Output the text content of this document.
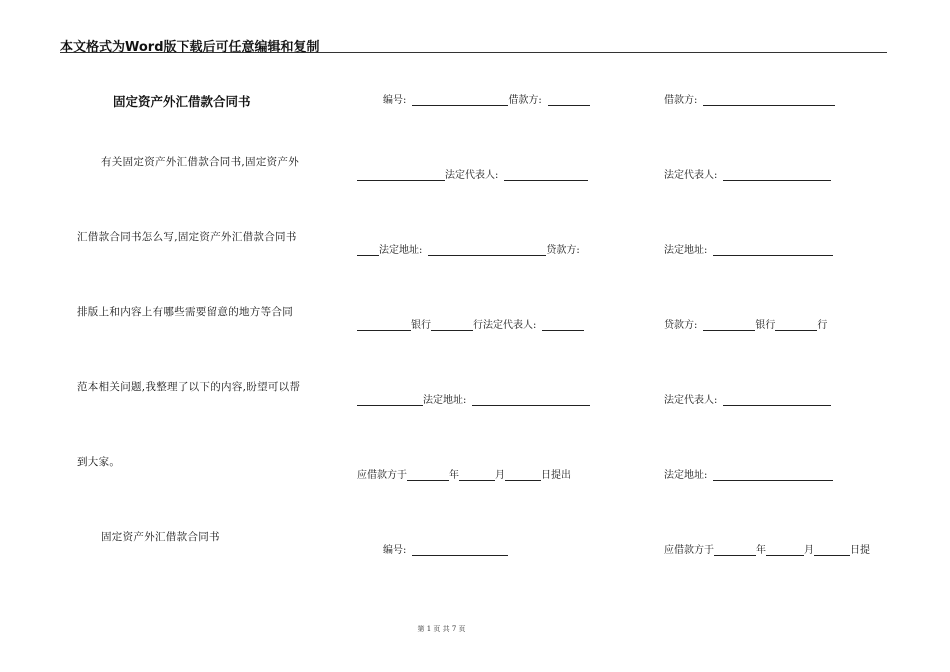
本文格式为Word版下载后可任意编辑和复制
固定资产外汇借款合同书
有关固定资产外汇借款合同书,固定资产外
汇借款合同书怎么写,固定资产外汇借款合同书
排版上和内容上有哪些需要留意的地方等合同
范本相关问题,我整理了以下的内容,盼望可以帮
到大家。
固定资产外汇借款合同书
编号:	借款方:
法定代表人:
法定地址:	贷款方:
银行	行法定代表人:
法定地址:
应借款方于	年	月	日提出
编号:
借款方:
法定代表人:
法定地址:
贷款方:	银行	行
法定代表人:
法定地址:
应借款方于	年	月	日提
第 1 页 共 7 页
